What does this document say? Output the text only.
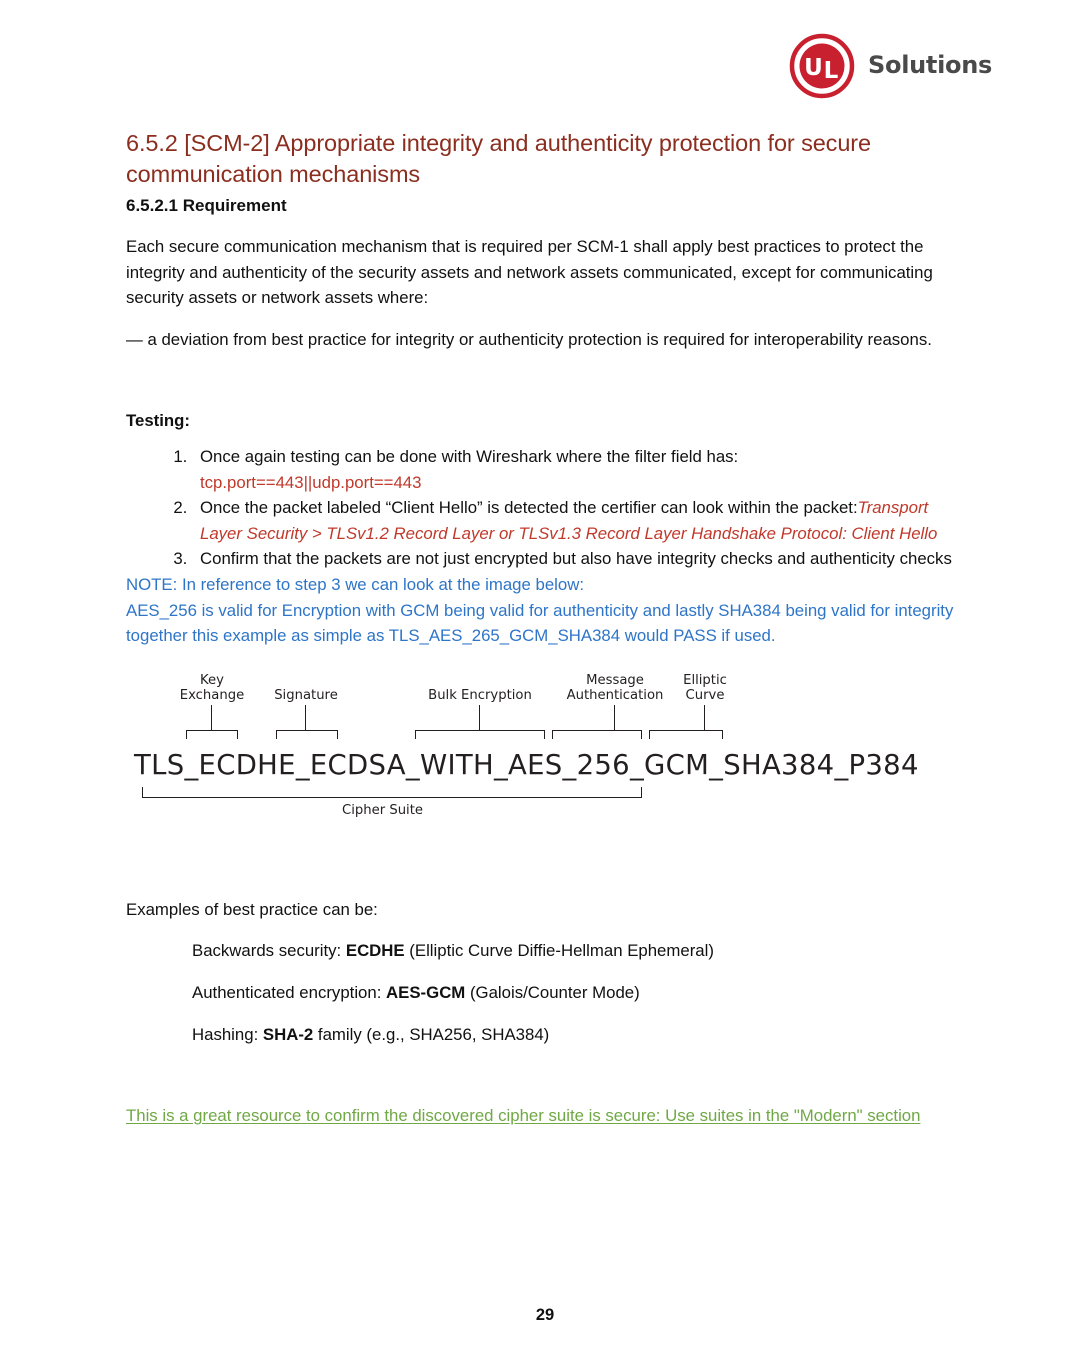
U L Solutions
6.5.2 [SCM-2] Appropriate integrity and authenticity protection for secure communication mechanisms
6.5.2.1 Requirement

Each secure communication mechanism that is required per SCM-1 shall apply best practices to protect the integrity and authenticity of the security assets and network assets communicated, except for communicating security assets or network assets where:

— a deviation from best practice for integrity or authenticity protection is required for interoperability reasons.

Testing:

1. Once again testing can be done with Wireshark where the filter field has:
tcp.port==443||udp.port==443
2. Once the packet labeled “Client Hello” is detected the certifier can look within the packet:Transport Layer Security > TLSv1.2 Record Layer or TLSv1.3 Record Layer Handshake Protocol: Client Hello
3. Confirm that the packets are not just encrypted but also have integrity checks and authenticity checks

NOTE: In reference to step 3 we can look at the image below:

AES_256 is valid for Encryption with GCM being valid for authenticity and lastly SHA384 being valid for integrity together this example as simple as TLS_AES_265_GCM_SHA384 would PASS if used.

Key
Exchange	Signature	Bulk Encryption
Message
Authentication
Elliptic
Curve
TLS_ECDHE_ECDSA_WITH_AES_256_GCM_SHA384_P384
Cipher Suite

Examples of best practice can be:

Backwards security: ECDHE (Elliptic Curve Diffie-Hellman Ephemeral)

Authenticated encryption: AES-GCM (Galois/Counter Mode)

Hashing: SHA-2 family (e.g., SHA256, SHA384)

This is a great resource to confirm the discovered cipher suite is secure: Use suites in the "Modern" section

29
